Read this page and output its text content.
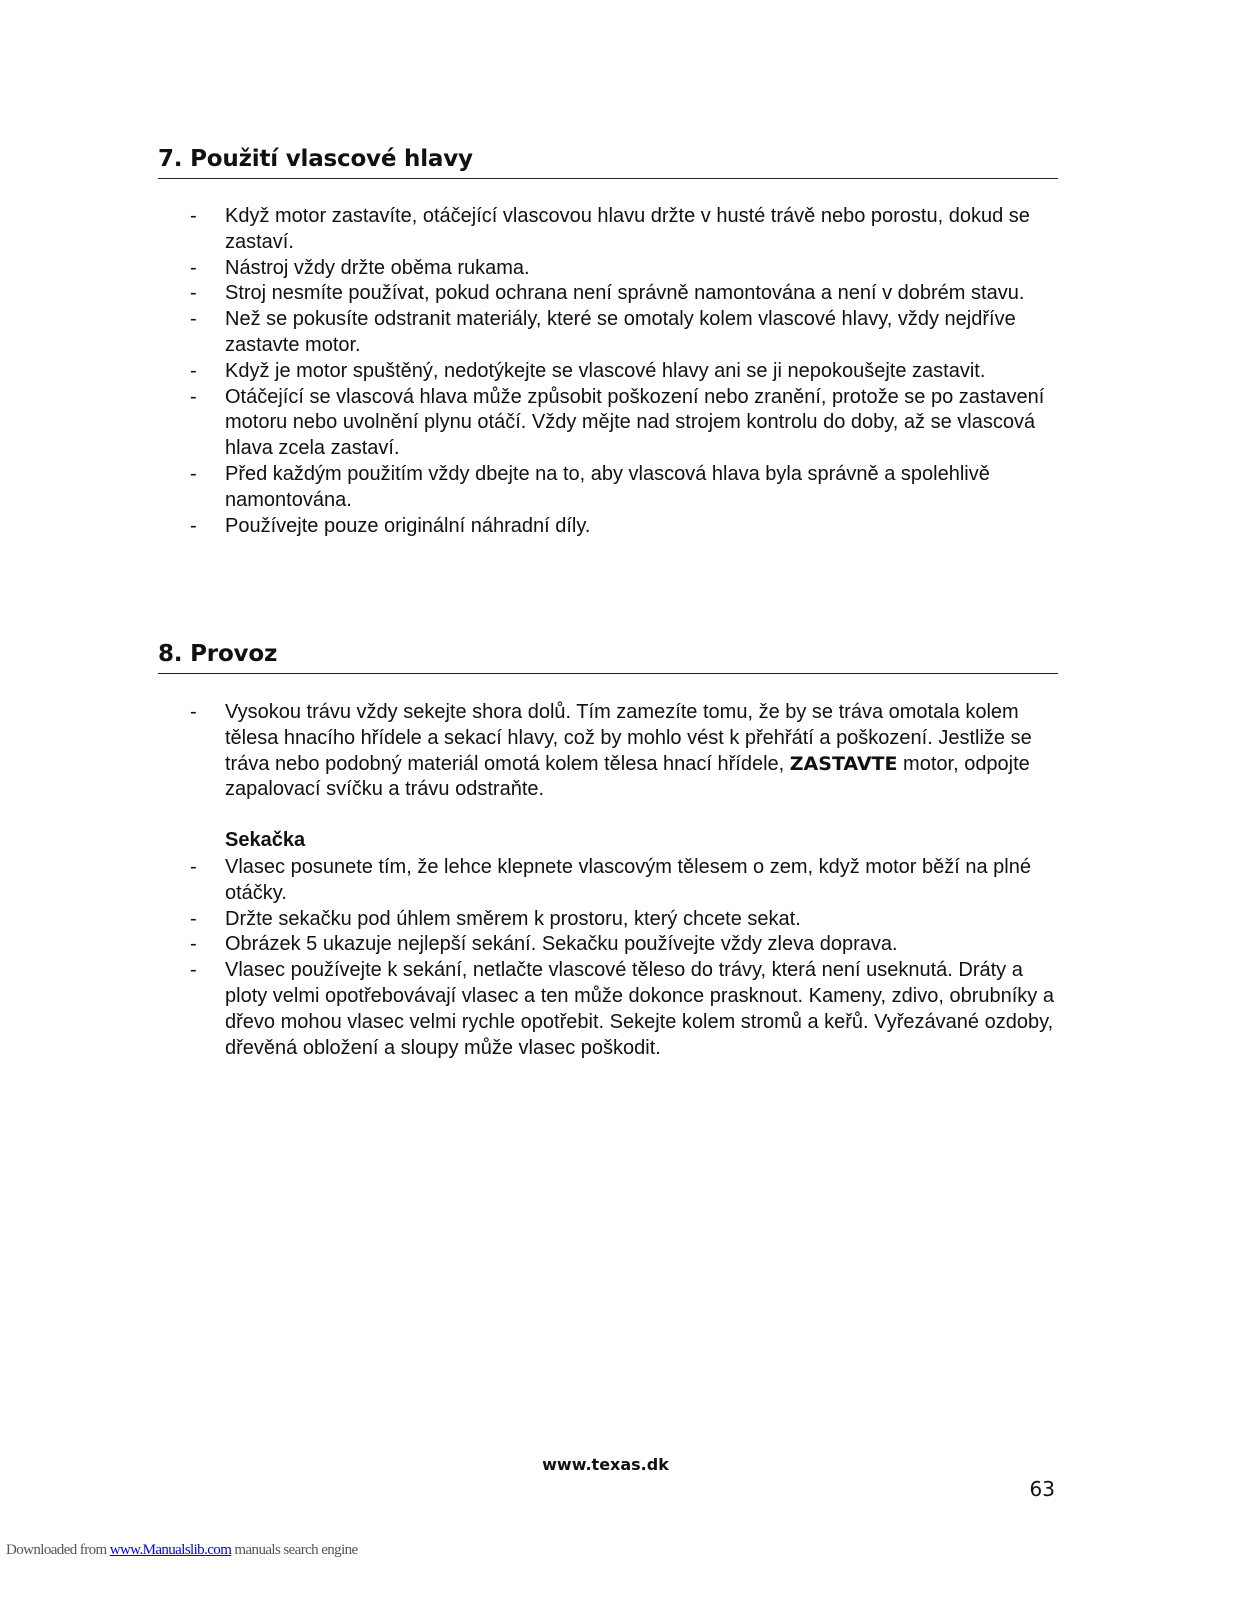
7. Použití vlascové hlavy
- Když motor zastavíte, otáčející vlascovou hlavu držte v husté trávě nebo porostu, dokud se zastaví.
- Nástroj vždy držte oběma rukama.
- Stroj nesmíte používat, pokud ochrana není správně namontována a není v dobrém stavu.
- Než se pokusíte odstranit materiály, které se omotaly kolem vlascové hlavy, vždy nejdříve zastavte motor.
- Když je motor spuštěný, nedotýkejte se vlascové hlavy ani se ji nepokoušejte zastavit.
- Otáčející se vlascová hlava může způsobit poškození nebo zranění, protože se po zastavení motoru nebo uvolnění plynu otáčí. Vždy mějte nad strojem kontrolu do doby, až se vlascová hlava zcela zastaví.
- Před každým použitím vždy dbejte na to, aby vlascová hlava byla správně a spolehlivě namontována.
- Používejte pouze originální náhradní díly.
8. Provoz
- Vysokou trávu vždy sekejte shora dolů. Tím zamezíte tomu, že by se tráva omotala kolem tělesa hnacího hřídele a sekací hlavy, což by mohlo vést k přehřátí a poškození. Jestliže se tráva nebo podobný materiál omotá kolem tělesa hnací hřídele, ZASTAVTE motor, odpojte zapalovací svíčku a trávu odstraňte.
Sekačka
- Vlasec posunete tím, že lehce klepnete vlascovým tělesem o zem, když motor běží na plné otáčky.
- Držte sekačku pod úhlem směrem k prostoru, který chcete sekat.
- Obrázek 5 ukazuje nejlepší sekání. Sekačku používejte vždy zleva doprava.
- Vlasec používejte k sekání, netlačte vlascové těleso do trávy, která není useknutá. Dráty a ploty velmi opotřebovávají vlasec a ten může dokonce prasknout. Kameny, zdivo, obrubníky a dřevo mohou vlasec velmi rychle opotřebit. Sekejte kolem stromů a keřů. Vyřezávané ozdoby, dřevěná obložení a sloupy může vlasec poškodit.
www.texas.dk
63
Downloaded from www.Manualslib.com manuals search engine
